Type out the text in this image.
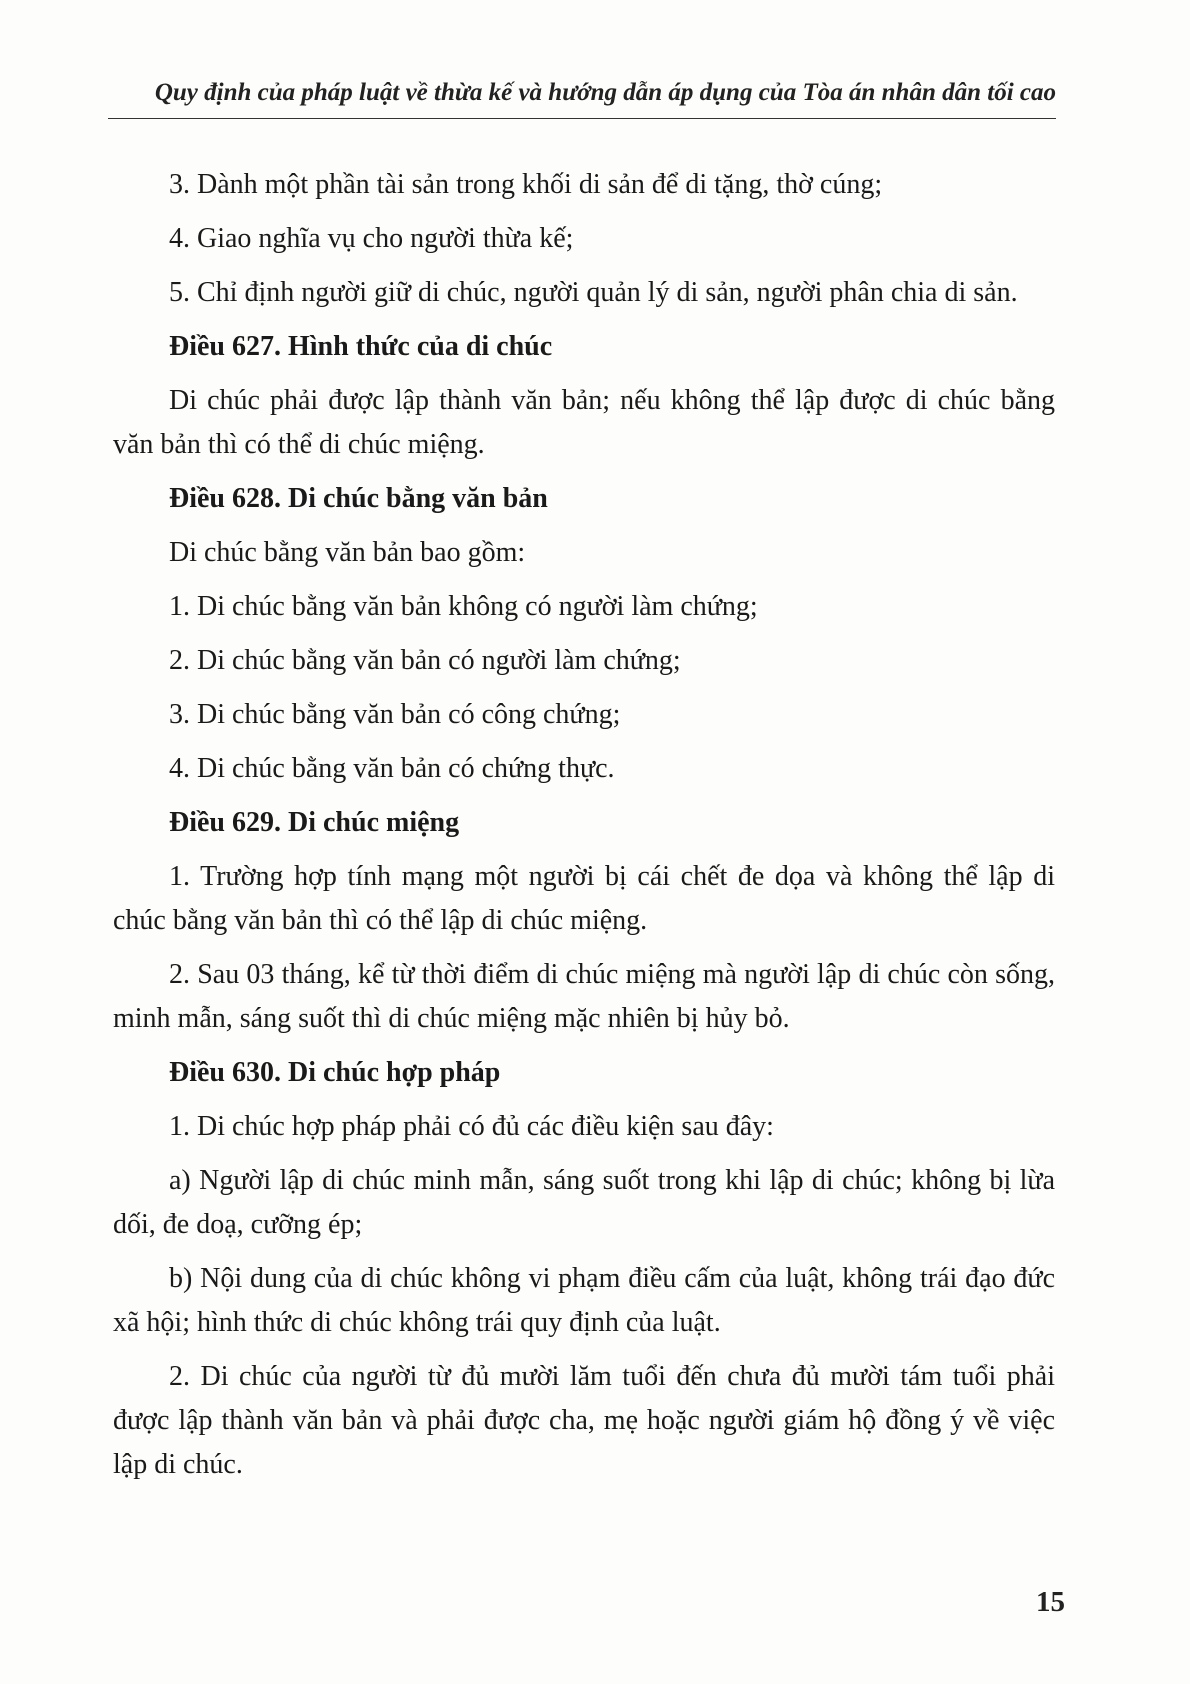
Quy định của pháp luật về thừa kế và hướng dẫn áp dụng của Tòa án nhân dân tối cao

3. Dành một phần tài sản trong khối di sản để di tặng, thờ cúng;

4. Giao nghĩa vụ cho người thừa kế;

5. Chỉ định người giữ di chúc, người quản lý di sản, người phân chia di sản.

Điều 627. Hình thức của di chúc

Di chúc phải được lập thành văn bản; nếu không thể lập được di chúc bằng văn bản thì có thể di chúc miệng.

Điều 628. Di chúc bằng văn bản

Di chúc bằng văn bản bao gồm:

1. Di chúc bằng văn bản không có người làm chứng;

2. Di chúc bằng văn bản có người làm chứng;

3. Di chúc bằng văn bản có công chứng;

4. Di chúc bằng văn bản có chứng thực.

Điều 629. Di chúc miệng

1. Trường hợp tính mạng một người bị cái chết đe dọa và không thể lập di chúc bằng văn bản thì có thể lập di chúc miệng.

2. Sau 03 tháng, kể từ thời điểm di chúc miệng mà người lập di chúc còn sống, minh mẫn, sáng suốt thì di chúc miệng mặc nhiên bị hủy bỏ.

Điều 630. Di chúc hợp pháp

1. Di chúc hợp pháp phải có đủ các điều kiện sau đây:

a) Người lập di chúc minh mẫn, sáng suốt trong khi lập di chúc; không bị lừa dối, đe doạ, cưỡng ép;

b) Nội dung của di chúc không vi phạm điều cấm của luật, không trái đạo đức xã hội; hình thức di chúc không trái quy định của luật.

2. Di chúc của người từ đủ mười lăm tuổi đến chưa đủ mười tám tuổi phải được lập thành văn bản và phải được cha, mẹ hoặc người giám hộ đồng ý về việc lập di chúc.

15
